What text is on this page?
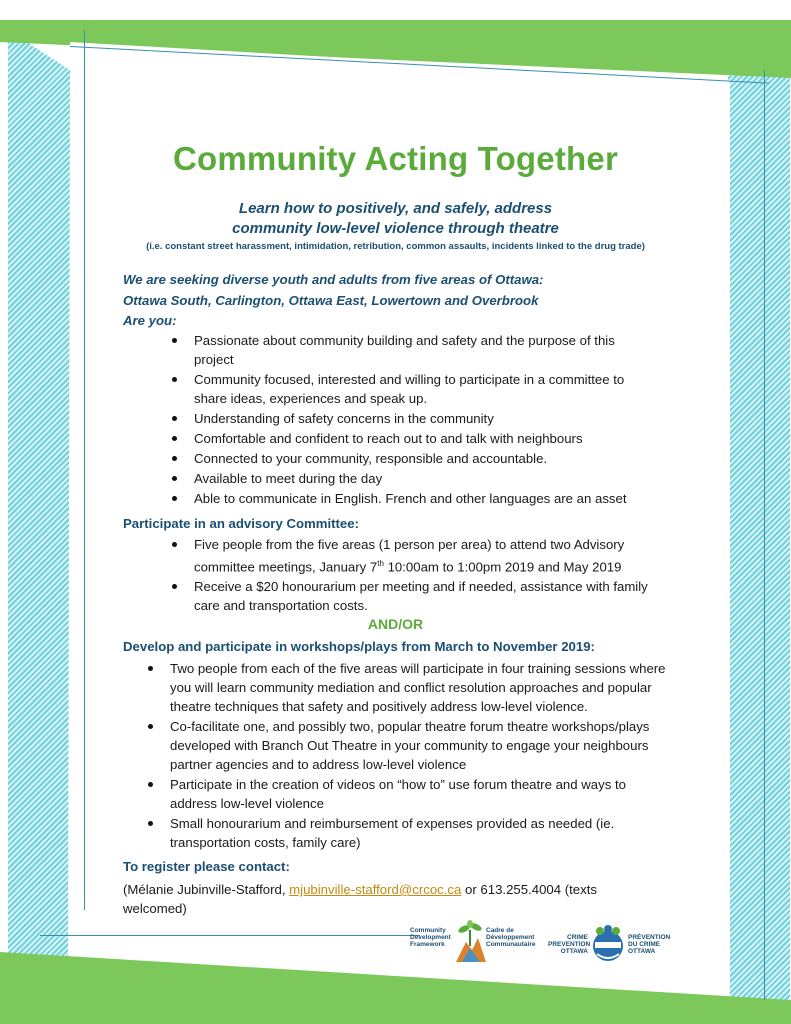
Community Acting Together
Learn how to positively, and safely, address
community low-level violence through theatre
(i.e. constant street harassment, intimidation, retribution, common assaults, incidents linked to the drug trade)
We are seeking diverse youth and adults from five areas of Ottawa:
Ottawa South, Carlington, Ottawa East, Lowertown and Overbrook
Are you:
Passionate about community building and safety and the purpose of this project
Community focused, interested and willing to participate in a committee to share ideas, experiences and speak up.
Understanding of safety concerns in the community
Comfortable and confident to reach out to and talk with neighbours
Connected to your community, responsible and accountable.
Available to meet during the day
Able to communicate in English. French and other languages are an asset
Participate in an advisory Committee:
Five people from the five areas (1 person per area) to attend two Advisory committee meetings, January 7th 10:00am to 1:00pm 2019 and May 2019
Receive a $20 honourarium per meeting and if needed, assistance with family care and transportation costs.
AND/OR
Develop and participate in workshops/plays from March to November 2019:
Two people from each of the five areas will participate in four training sessions where you will learn community mediation and conflict resolution approaches and popular theatre techniques that safety and positively address low-level violence.
Co-facilitate one, and possibly two, popular theatre forum theatre workshops/plays developed with Branch Out Theatre in your community to engage your neighbours partner agencies and to address low-level violence
Participate in the creation of videos on “how to” use forum theatre and ways to address low-level violence
Small honourarium and reimbursement of expenses provided as needed (ie. transportation costs, family care)
To register please contact:
(Mélanie Jubinville-Stafford, mjubinville-stafford@crcoc.ca or 613.255.4004 (texts welcomed)
Community
Development
Framework
Cadre de
Développement
Communautaire
CRIME
PREVENTION
OTTAWA
PRÉVENTION
DU CRIME
OTTAWA
